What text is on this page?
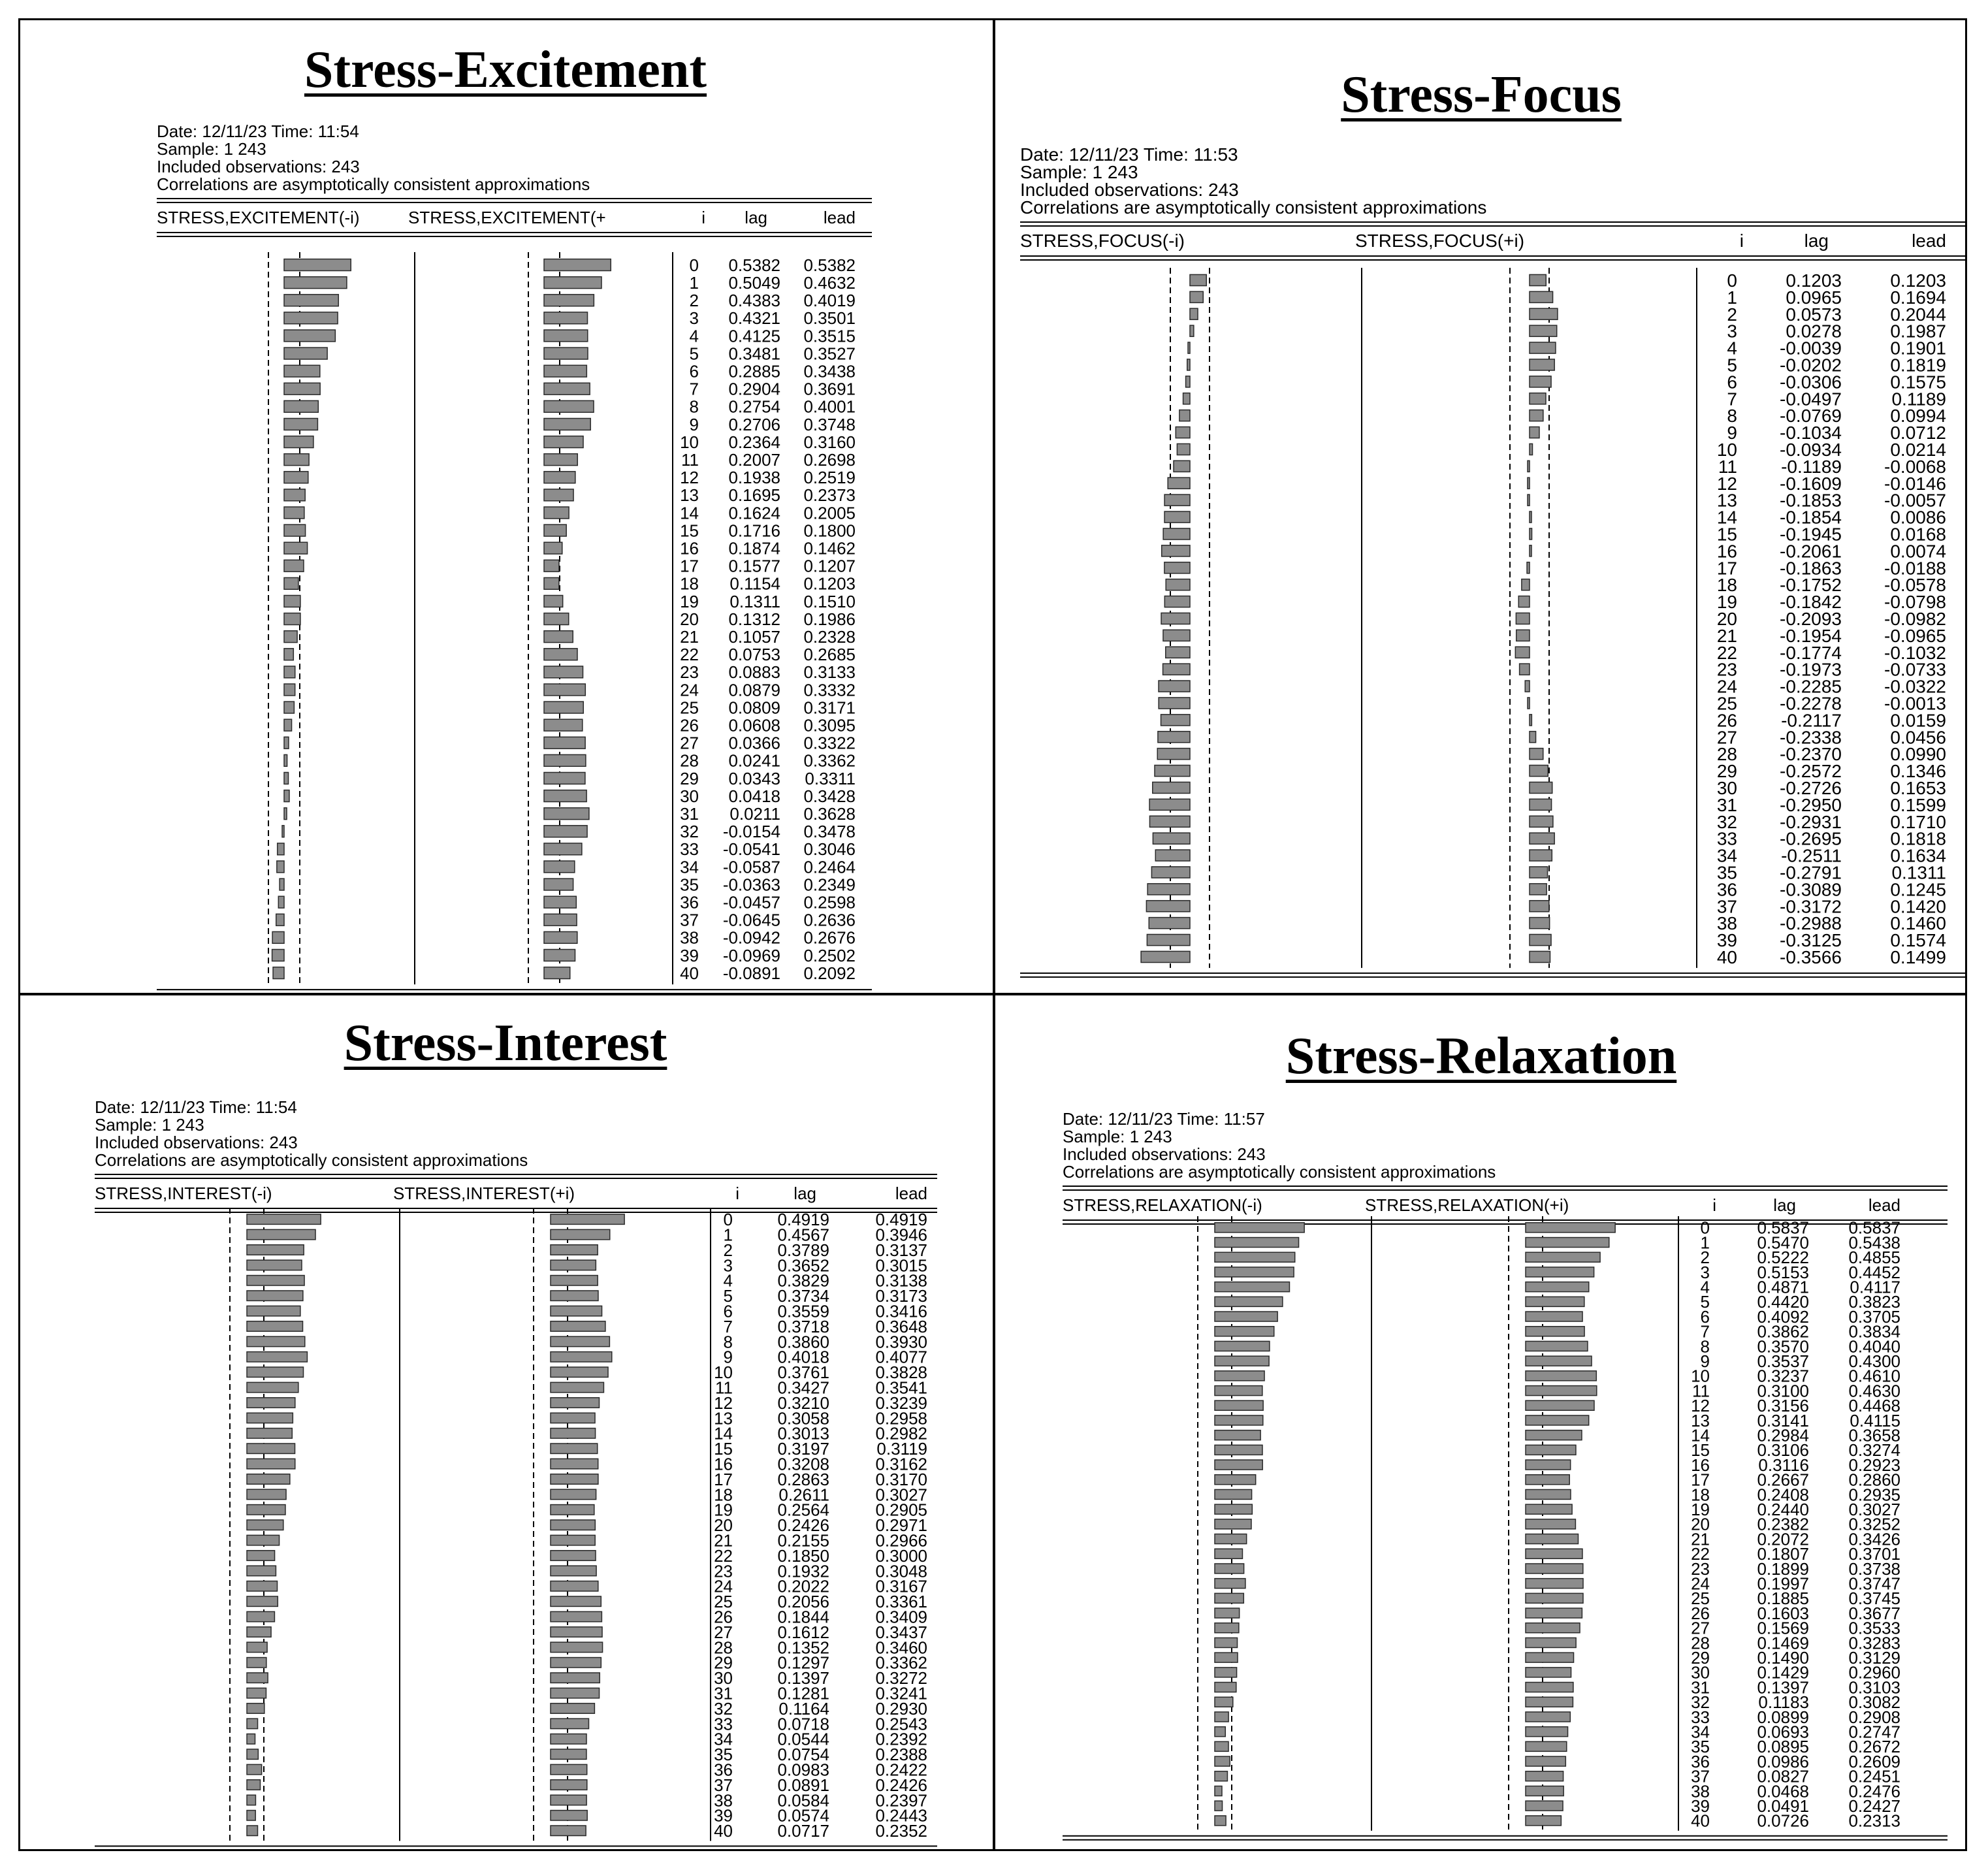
Stress-Excitement	Stress-Focus
Stress-Interest	Stress-Relaxation
Date: 12/11/23 Time: 11:54
Sample: 1 243
Included observations: 243
Correlations are asymptotically consistent approximations
STRESS,EXCITEMENT(-i)	STRESS,EXCITEMENT(+	i lag	lead
0 0.5382 0.5382
1 0.5049 0.4632
2 0.4383 0.4019
3 0.4321 0.3501
4 0.4125 0.3515
5 0.3481 0.3527
6 0.2885 0.3438
7 0.2904 0.3691
8 0.2754 0.4001
9 0.2706 0.3748
10 0.2364 0.3160
11 0.2007 0.2698
12 0.1938 0.2519
13 0.1695 0.2373
14 0.1624 0.2005
15 0.1716 0.1800
16 0.1874 0.1462
17 0.1577 0.1207
18 0.1154 0.1203
19 0.1311 0.1510
20 0.1312 0.1986
21 0.1057 0.2328
22 0.0753 0.2685
23 0.0883 0.3133
24 0.0879 0.3332
25 0.0809 0.3171
26 0.0608 0.3095
27 0.0366 0.3322
28 0.0241 0.3362
29 0.0343 0.3311
30 0.0418 0.3428
31 0.0211 0.3628
32 -0.0154 0.3478
33 -0.0541 0.3046
34 -0.0587 0.2464
35 -0.0363 0.2349
36 -0.0457 0.2598
37 -0.0645 0.2636
38 -0.0942 0.2676
39 -0.0969 0.2502
40 -0.0891 0.2092
Date: 12/11/23 Time: 11:53
Sample: 1 243
Included observations: 243
Correlations are asymptotically consistent approximations
STRESS,FOCUS(-i)	STRESS,FOCUS(+i)	i	lag	lead
0	0.1203	0.1203
1	0.0965	0.1694
2	0.0573	0.2044
3	0.0278	0.1987
4 -0.0039	0.1901
5 -0.0202	0.1819
6 -0.0306	0.1575
7 -0.0497	0.1189
8 -0.0769	0.0994
9 -0.1034	0.0712
10 -0.0934	0.0214
11 -0.1189 -0.0068
12 -0.1609 -0.0146
13 -0.1853 -0.0057
14 -0.1854	0.0086
15 -0.1945	0.0168
16 -0.2061	0.0074
17 -0.1863 -0.0188
18 -0.1752 -0.0578
19 -0.1842 -0.0798
20 -0.2093 -0.0982
21 -0.1954 -0.0965
22 -0.1774 -0.1032
23 -0.1973 -0.0733
24 -0.2285 -0.0322
25 -0.2278 -0.0013
26 -0.2117	0.0159
27 -0.2338	0.0456
28 -0.2370	0.0990
29 -0.2572	0.1346
30 -0.2726	0.1653
31 -0.2950	0.1599
32 -0.2931	0.1710
33 -0.2695	0.1818
34 -0.2511	0.1634
35 -0.2791	0.1311
36 -0.3089	0.1245
37 -0.3172	0.1420
38 -0.2988	0.1460
39 -0.3125	0.1574
40 -0.3566	0.1499
Date: 12/11/23 Time: 11:54
Sample: 1 243
Included observations: 243
Correlations are asymptotically consistent approximations
STRESS,INTEREST(-i)	STRESS,INTEREST(+i)	i	lag	lead
0	0.4919	0.4919
1	0.4567	0.3946
2	0.3789	0.3137
3	0.3652	0.3015
4	0.3829	0.3138
5	0.3734	0.3173
6	0.3559	0.3416
7	0.3718	0.3648
8	0.3860	0.3930
9	0.4018	0.4077
10	0.3761	0.3828
11	0.3427	0.3541
12	0.3210	0.3239
13	0.3058	0.2958
14	0.3013	0.2982
15	0.3197	0.3119
16	0.3208	0.3162
17	0.2863	0.3170
18	0.2611	0.3027
19	0.2564	0.2905
20	0.2426	0.2971
21	0.2155	0.2966
22	0.1850	0.3000
23	0.1932	0.3048
24	0.2022	0.3167
25	0.2056	0.3361
26	0.1844	0.3409
27	0.1612	0.3437
28	0.1352	0.3460
29	0.1297	0.3362
30	0.1397	0.3272
31	0.1281	0.3241
32	0.1164	0.2930
33	0.0718	0.2543
34	0.0544	0.2392
35	0.0754	0.2388
36	0.0983	0.2422
37	0.0891	0.2426
38	0.0584	0.2397
39	0.0574	0.2443
40	0.0717	0.2352
Date: 12/11/23 Time: 11:57
Sample: 1 243
Included observations: 243
Correlations are asymptotically consistent approximations
STRESS,RELAXATION(-i)	STRESS,RELAXATION(+i)	i	lag	lead
0	0.5837 0.5837
1	0.5470 0.5438
2	0.5222 0.4855
3	0.5153 0.4452
4	0.4871 0.4117
5	0.4420 0.3823
6	0.4092 0.3705
7	0.3862 0.3834
8	0.3570 0.4040
9	0.3537 0.4300
10	0.3237 0.4610
11	0.3100 0.4630
12	0.3156 0.4468
13	0.3141 0.4115
14	0.2984 0.3658
15	0.3106 0.3274
16	0.3116 0.2923
17	0.2667 0.2860
18	0.2408 0.2935
19	0.2440 0.3027
20	0.2382 0.3252
21	0.2072 0.3426
22	0.1807 0.3701
23	0.1899 0.3738
24	0.1997 0.3747
25	0.1885 0.3745
26	0.1603 0.3677
27	0.1569 0.3533
28	0.1469 0.3283
29	0.1490 0.3129
30	0.1429 0.2960
31	0.1397 0.3103
32	0.1183 0.3082
33	0.0899 0.2908
34	0.0693 0.2747
35	0.0895 0.2672
36	0.0986 0.2609
37	0.0827 0.2451
38	0.0468 0.2476
39	0.0491 0.2427
40	0.0726 0.2313
